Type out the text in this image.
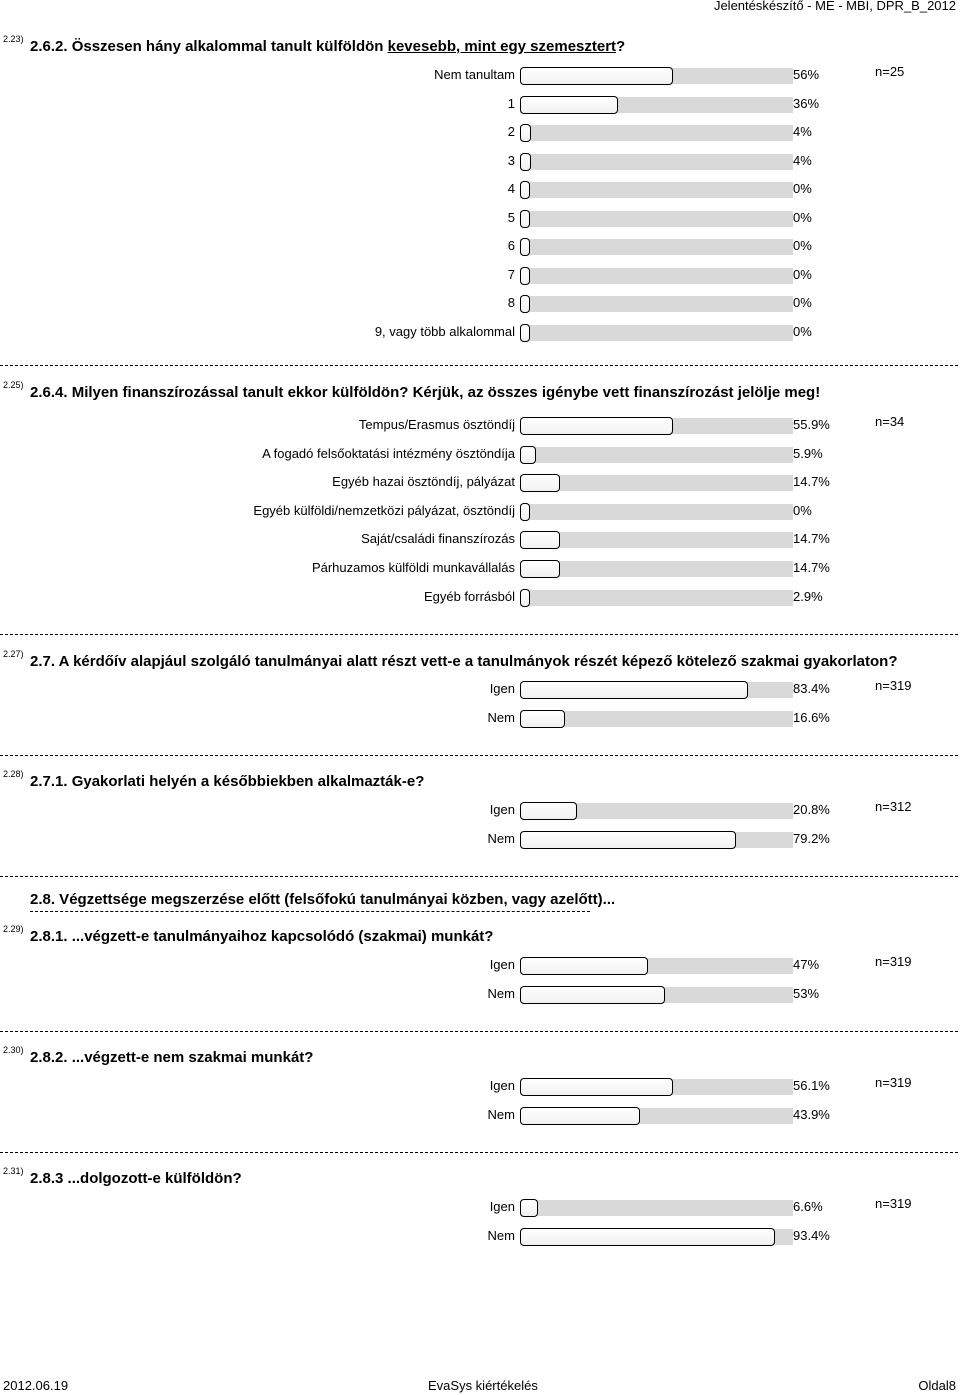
Jelentéskészítő - ME - MBI, DPR_B_2012
2.23) 2.6.2. Összesen hány alkalommal tanult külföldön kevesebb, mint egy szemesztert?
n=25
Nem tanultam	56%
1	36%
2	4%
3	4%
4	0%
5	0%
6	0%
7	0%
8	0%
9, vagy több alkalommal	0%
2.25) 2.6.4. Milyen finanszírozással tanult ekkor külföldön? Kérjük, az összes igénybe vett finanszírozást jelölje meg!
n=34
Tempus/Erasmus ösztöndíj	55.9%
A fogadó felsőoktatási intézmény ösztöndíja	5.9%
Egyéb hazai ösztöndíj, pályázat	14.7%
Egyéb külföldi/nemzetközi pályázat, ösztöndíj	0%
Saját/családi finanszírozás	14.7%
Párhuzamos külföldi munkavállalás	14.7%
Egyéb forrásból	2.9%
2.27) 2.7. A kérdőív alapjául szolgáló tanulmányai alatt részt vett-e a tanulmányok részét képező kötelező szakmai gyakorlaton?
n=319
Igen	83.4%
Nem	16.6%
2.28) 2.7.1. Gyakorlati helyén a későbbiekben alkalmazták-e?
n=312
Igen	20.8%
Nem	79.2%
2.29) 2.8.1. ...végzett-e tanulmányaihoz kapcsolódó (szakmai) munkát?
n=319
Igen	47%
Nem	53%
2.30) 2.8.2. ...végzett-e nem szakmai munkát?
n=319
Igen	56.1%
Nem	43.9%
2.31) 2.8.3 ...dolgozott-e külföldön?
n=319
Igen	6.6%
Nem	93.4%
2.8. Végzettsége megszerzése előtt (felsőfokú tanulmányai közben, vagy azelőtt)...
2012.06.19	EvaSys kiértékelés	Oldal8
